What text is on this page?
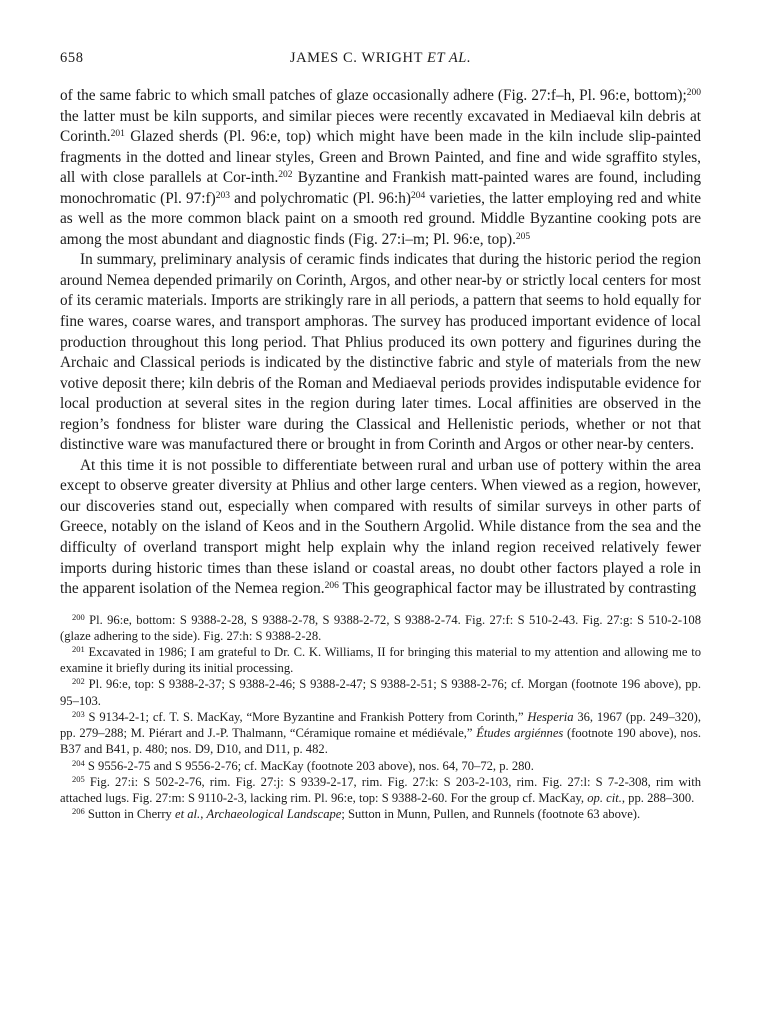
658	JAMES C. WRIGHT ET AL.

of the same fabric to which small patches of glaze occasionally adhere (Fig. 27:f–h, Pl. 96:e, bottom);$^{200}$ the latter must be kiln supports, and similar pieces were recently excavated in Mediaeval kiln debris at Corinth.$^{201}$ Glazed sherds (Pl. 96:e, top) which might have been made in the kiln include slip-painted fragments in the dotted and linear styles, Green and Brown Painted, and fine and wide sgraffito styles, all with close parallels at Cor-inth.$^{202}$ Byzantine and Frankish matt-painted wares are found, including monochromatic (Pl. 97:f)$^{203}$ and polychromatic (Pl. 96:h)$^{204}$ varieties, the latter employing red and white as well as the more common black paint on a smooth red ground. Middle Byzantine cooking pots are among the most abundant and diagnostic finds (Fig. 27:i–m; Pl. 96:e, top).$^{205}$

In summary, preliminary analysis of ceramic finds indicates that during the historic period the region around Nemea depended primarily on Corinth, Argos, and other near-by or strictly local centers for most of its ceramic materials. Imports are strikingly rare in all periods, a pattern that seems to hold equally for fine wares, coarse wares, and transport amphoras. The survey has produced important evidence of local production throughout this long period. That Phlius produced its own pottery and figurines during the Archaic and Classical periods is indicated by the distinctive fabric and style of materials from the new votive deposit there; kiln debris of the Roman and Mediaeval periods provides indisputable evidence for local production at several sites in the region during later times. Local affinities are observed in the region’s fondness for blister ware during the Classical and Hellenistic periods, whether or not that distinctive ware was manufactured there or brought in from Corinth and Argos or other near-by centers.

At this time it is not possible to differentiate between rural and urban use of pottery within the area except to observe greater diversity at Phlius and other large centers. When viewed as a region, however, our discoveries stand out, especially when compared with results of similar surveys in other parts of Greece, notably on the island of Keos and in the Southern Argolid. While distance from the sea and the difficulty of overland transport might help explain why the inland region received relatively fewer imports during historic times than these island or coastal areas, no doubt other factors played a role in the apparent isolation of the Nemea region.$^{206}$ This geographical factor may be illustrated by contrasting

$^{200}$ Pl. 96:e, bottom: S 9388-2-28, S 9388-2-78, S 9388-2-72, S 9388-2-74. Fig. 27:f: S 510-2-43. Fig. 27:g: S 510-2-108 (glaze adhering to the side). Fig. 27:h: S 9388-2-28.

$^{201}$ Excavated in 1986; I am grateful to Dr. C. K. Williams, II for bringing this material to my attention and allowing me to examine it briefly during its initial processing.

$^{202}$ Pl. 96:e, top: S 9388-2-37; S 9388-2-46; S 9388-2-47; S 9388-2-51; S 9388-2-76; cf. Morgan (footnote 196 above), pp. 95–103.

$^{203}$ S 9134-2-1; cf. T. S. MacKay, “More Byzantine and Frankish Pottery from Corinth,” Hesperia 36, 1967 (pp. 249–320), pp. 279–288; M. Piérart and J.-P. Thalmann, “Céramique romaine et médiévale,” Études argiénnes (footnote 190 above), nos. B37 and B41, p. 480; nos. D9, D10, and D11, p. 482.

$^{204}$ S 9556-2-75 and S 9556-2-76; cf. MacKay (footnote 203 above), nos. 64, 70–72, p. 280.

$^{205}$ Fig. 27:i: S 502-2-76, rim. Fig. 27:j: S 9339-2-17, rim. Fig. 27:k: S 203-2-103, rim. Fig. 27:l: S 7-2-308, rim with attached lugs. Fig. 27:m: S 9110-2-3, lacking rim. Pl. 96:e, top: S 9388-2-60. For the group cf. MacKay, op. cit., pp. 288–300.

$^{206}$ Sutton in Cherry et al., Archaeological Landscape; Sutton in Munn, Pullen, and Runnels (footnote 63 above).
